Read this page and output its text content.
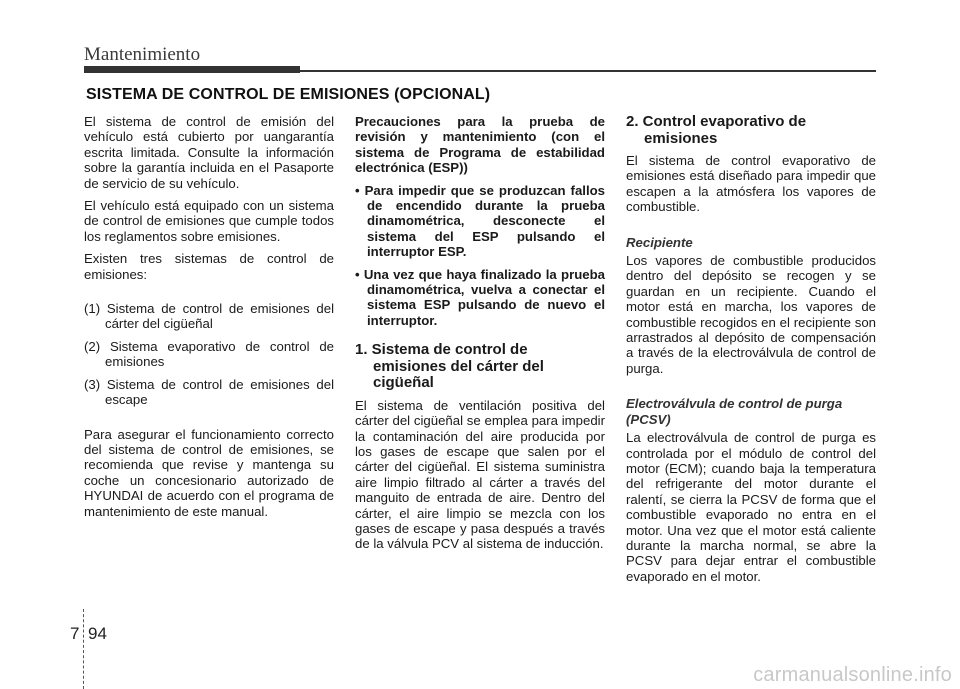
Mantenimiento
SISTEMA DE CONTROL DE EMISIONES (OPCIONAL)

El sistema de control de emisión del vehículo está cubierto por uangarantía escrita limitada. Consulte la información sobre la garantía incluida en el Pasaporte de servicio de su vehículo.

El vehículo está equipado con un sistema de control de emisiones que cumple todos los reglamentos sobre emisiones.

Existen tres sistemas de control de emisiones:

(1) Sistema de control de emisiones del cárter del cigüeñal

(2) Sistema evaporativo de control de emisiones

(3) Sistema de control de emisiones del escape

Para asegurar el funcionamiento correcto del sistema de control de emisiones, se recomienda que revise y mantenga su coche un concesionario autorizado de HYUNDAI de acuerdo con el programa de mantenimiento de este manual.

Precauciones para la prueba de revisión y mantenimiento (con el sistema de Programa de estabilidad electrónica (ESP))

• Para impedir que se produzcan fallos de encendido durante la prueba dinamométrica, desconecte el sistema del ESP pulsando el interruptor ESP.

• Una vez que haya finalizado la prueba dinamométrica, vuelva a conectar el sistema ESP pulsando de nuevo el interruptor.

1. Sistema de control de emisiones del cárter del cigüeñal

El sistema de ventilación positiva del cárter del cigüeñal se emplea para impedir la contaminación del aire producida por los gases de escape que salen por el cárter del cigüeñal. El sistema suministra aire limpio filtrado al cárter a través del manguito de entrada de aire. Dentro del cárter, el aire limpio se mezcla con los gases de escape y pasa después a través de la válvula PCV al sistema de inducción.

2. Control evaporativo de emisiones

El sistema de control evaporativo de emisiones está diseñado para impedir que escapen a la atmósfera los vapores de combustible.

Recipiente

Los vapores de combustible producidos dentro del depósito se recogen y se guardan en un recipiente. Cuando el motor está en marcha, los vapores de combustible recogidos en el recipiente son arrastrados al depósito de compensación a través de la electroválvula de control de purga.

Electroválvula de control de purga (PCSV)

La electroválvula de control de purga es controlada por el módulo de control del motor (ECM); cuando baja la temperatura del refrigerante del motor durante el ralentí, se cierra la PCSV de forma que el combustible evaporado no entra en el motor. Una vez que el motor está caliente durante la marcha normal, se abre la PCSV para dejar entrar el combustible evaporado en el motor.

7 94
carmanualsonline.info
